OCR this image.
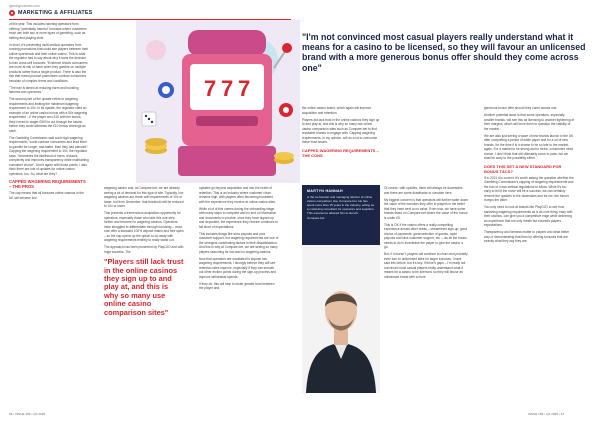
igamingbusiness.com
MARKETING & AFFILIATES

of this year. This includes banning operators from offering "potentially harmful" bonuses where customers must use both two or more types of gambling, such as betting and playing slots.

In short, it's preventing multi-vertical operators from running promotions that could see players between their online sportsbook and their online casino. This is what the regulator had to say about why it bans the decision to ban cross-sell bonuses: "Evidence shows consumers are more at risk of harm when they gamble on multiple products rather than a single product. There is also the risk that mixed product promotions confuse consumers because of complex terms and conditions.

"The ban is aimed at reducing harm and boosting fairness and openness."

The second part of the update refers to wagering requirements and limiting the maximum wagering requirement to 10x. In its update, the regulator cited an example of an online casino bonus with a 50x wagering requirement – if the player won £10 with the bonus, they'd need to wager £500 to cut through the casino before they could withdraw the £10 bonus winnings as cash.

The Gambling Commission said such high wagering requirements "could confuse consumers and lead them to gamble for longer, and faster, than they had planned". Capping the wagering requirement to 10x, the regulator says, "decreases the likelihood of harm, reduces complexity and improves transparency while maintaining consumer choice". And it agree with those points. I also think there are lots of upsides for online casino operators, too. So, what are they?

CAPPED WAGERING REQUIREMENTS – THE PROS

The cap means that all bonuses online casinos in the UK will become low

7 7 7

wagering casino and, at Compare.bet, we are already seeing a lot of demand for this type of site. Typically, low wagering casinos are those with requirements of 10x or lower, but from December, that threshold will be reduced to 10x or lower.

This presents a tremendous acquisition opportunity for operators, especially those who take this one step further and become no wagering casinos. Operators have struggled to differentiate through bonusing – most now offer a standard 100% deposit match and free spins – so the cap opens up the option to do away with wagering requirements entirely to really stand out.

The approach has been pioneered by PlayOJO and with huge success. The

"Players still lack trust in the online casinos they sign up to and play at, and this is why so many use online casino comparison sites"

updates go beyond acquisition and into the realm of retention. This is an industry where customer churn remains high, with players often becoming frustrated with the experience they receive at online casino sites.

While a lot of this comes during the onboarding stage, with many steps to complete and no end of information and documents to provide, once they have signed up and deposited, the experience they receive continues to fall short of expectations.

This includes things like slow payouts and poor customer support, but wagering requirements are one of the strongest contributing factors in their dissatisfaction. And this is why at Compare.bet, we are seeing so many players searching for low and no wagering casinos.

Now that operators are mandated to impose low wagering requirements, I strongly believe they will see retention rates improve, especially if they can smooth out other friction points during the sign-up process and improve withdrawal speeds.

If they do, this will help to foster greater trust between the player and

56 • ISSUE 156 • Q4 2025
"I'm not convinced most casual players really understand what it means for a casino to be licensed, so they will favour an unlicensed brand with a more generous bonus offer should they come across one"
MARTYN HANNAH
is the co-founder and managing director of online casino comparison site, Compare.bet. He has spent more than 15 years in the industry, acting as a marketing consultant for operators and suppliers. This experience allowed him to launch Compare.bet.

the online casino brand, which again will improve acquisition and retention.

Players did lack trust in the online casinos they sign up to and play at, and this is why so many use online casino comparison sites such as Compare.bet to find reputable brands to engage with. Capping wagering requirements, in my opinion, will do a lot to overcome these trust issues.

CAPPED WAGERING REQUIREMENTS – THE CONS

Of course, with upsides, there will always be downsides and there are some drawbacks to consider here.

My biggest concern is that operators will further water down the value of the bonuses they offer to players in the belief that they have next to no value. Even now, we have some brands listed on Compare.bet where the value of the bonus is under £5.

This is OK if the casino offers a really compelling experience across other areas – streamlined sign-up, good choice of payments, great selection of games, rapid payouts and slick customer support, etc. – as all the bonus needs to do is incentivise the player to give the casino a go.

But, if it doesn't, players will continue to churn and probably even turn to unlicensed sites for larger bonuses. I have said this before, but it's key. If there's gaps – I'm really not convinced most casual players really understand what it means for a casino to be licensed, so they will favour an unlicensed brand with a more

generous bonus offer should they come across one.

Another potential issue is that some operators, especially smaller brands, will see this as licensing to another tightening of their margins, which will force them to question the viability of the market.

We are also just seeing a wave of new brands launch in the UK after completing a period of white paper and for a lot of new brands, for the time it is a shame to be so late to the market, again. For a market to be strong and to thrive, consumers need choice. I don't think that will ultimately come to pass, but we shall be wary to the possibility either.

DOES THIS SET A NEW STANDARD FOR BONUS T&CS?

If in 2021 it is current, it's worth asking the question whether the Gambling Commission's capping of wagering requirements and the ban of cross-vertical regulations to follow. While it's too early to tell if the move will be a success, we can certainly remove the upsides to the downsides and for me, the former trumps the latter.

You only need to look at brands like PlayOJO to see how banishing wagering requirements as is its core thing, easy with their casinos, can give you a competitive edge while delivering an experience that not only meets but exceeds players expectations.

Transparency and fairness matter to players and what better way of demonstrating that than by offering bonuses that are exactly what they say they are.

ISSUE 156 • Q4 2025 • 57
